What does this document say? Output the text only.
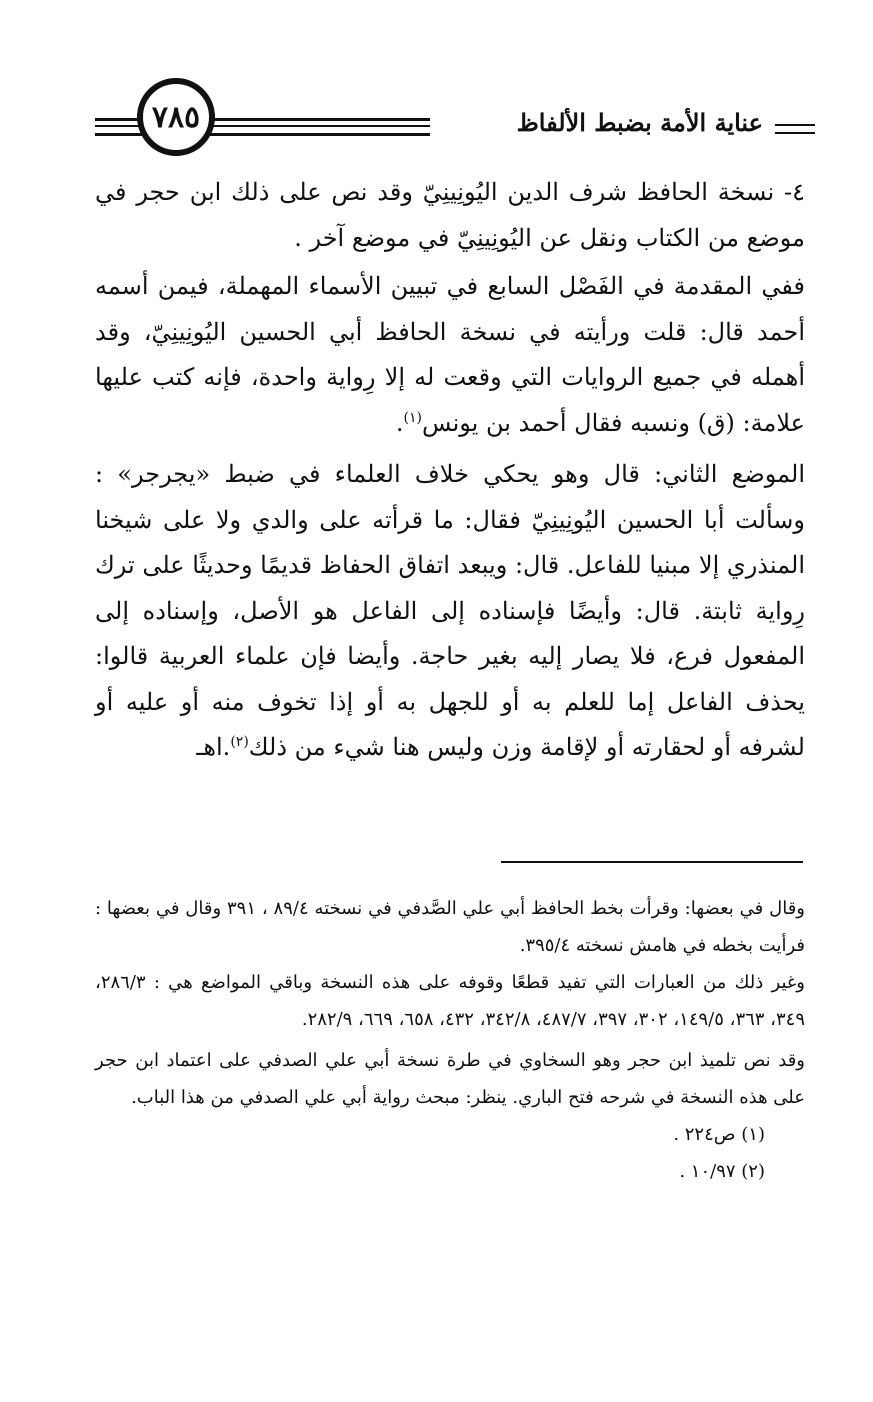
عناية الأمة بضبط الألفاظ
٧٨٥

٤- نسخة الحافظ شرف الدين اليُونِينِيّ وقد نص على ذلك ابن حجر في موضع من الكتاب ونقل عن اليُونِينِيّ في موضع آخر .

ففي المقدمة في الفَصْل السابع في تبيين الأسماء المهملة، فيمن أسمه أحمد قال: قلت ورأيته في نسخة الحافظ أبي الحسين اليُونِينِيّ، وقد أهمله في جميع الروايات التي وقعت له إلا رِواية واحدة، فإنه كتب عليها علامة: (ق) ونسبه فقال أحمد بن يونس$^{(١)}$.

الموضع الثاني: قال وهو يحكي خلاف العلماء في ضبط «يجرجر» : وسألت أبا الحسين اليُونِينِيّ فقال: ما قرأته على والدي ولا على شيخنا المنذري إلا مبنيا للفاعل. قال: ويبعد اتفاق الحفاظ قديمًا وحديثًا على ترك رِواية ثابتة. قال: وأيضًا فإسناده إلى الفاعل هو الأصل، وإسناده إلى المفعول فرع، فلا يصار إليه بغير حاجة. وأيضا فإن علماء العربية قالوا: يحذف الفاعل إما للعلم به أو للجهل به أو إذا تخوف منه أو عليه أو لشرفه أو لحقارته أو لإقامة وزن وليس هنا شيء من ذلك$^{(٢)}$.اهـ

وقال في بعضها: وقرأت بخط الحافظ أبي علي الصَّدفي في نسخته ٨٩/٤ ، ٣٩١ وقال في بعضها : فرأيت بخطه في هامش نسخته ٣٩٥/٤.

وغير ذلك من العبارات التي تفيد قطعًا وقوفه على هذه النسخة وباقي المواضع هي : ٢٨٦/٣، ٣٤٩، ٣٦٣، ١٤٩/٥، ٣٠٢، ٣٩٧، ٤٨٧/٧، ٣٤٢/٨، ٤٣٢، ٦٥٨، ٦٦٩، ٢٨٢/٩.

وقد نص تلميذ ابن حجر وهو السخاوي في طرة نسخة أبي علي الصدفي على اعتماد ابن حجر على هذه النسخة في شرحه فتح الباري. ينظر: مبحث رواية أبي علي الصدفي من هذا الباب.

(١) ص٢٢٤ .

(٢) ١٠/٩٧ .
